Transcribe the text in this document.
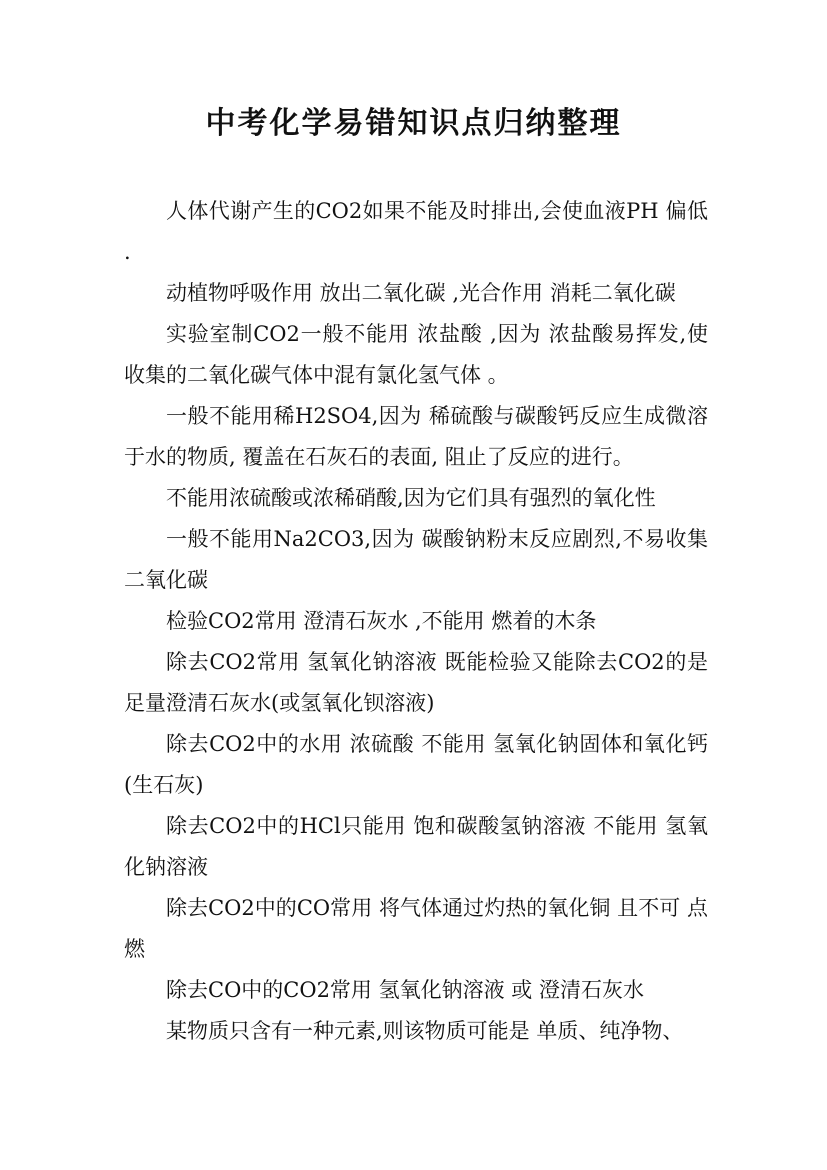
中考化学易错知识点归纳整理

人体代谢产生的CO2如果不能及时排出,会使血液PH 偏低 .

动植物呼吸作用 放出二氧化碳 ,光合作用 消耗二氧化碳

实验室制CO2一般不能用 浓盐酸 ,因为 浓盐酸易挥发,使收集的二氧化碳气体中混有氯化氢气体 。

一般不能用稀H2SO4,因为 稀硫酸与碳酸钙反应生成微溶于水的物质, 覆盖在石灰石的表面, 阻止了反应的进行。

不能用浓硫酸或浓稀硝酸,因为它们具有强烈的氧化性

一般不能用Na2CO3,因为 碳酸钠粉末反应剧烈,不易收集二氧化碳

检验CO2常用 澄清石灰水 ,不能用 燃着的木条

除去CO2常用 氢氧化钠溶液 既能检验又能除去CO2的是 足量澄清石灰水(或氢氧化钡溶液)

除去CO2中的水用 浓硫酸 不能用 氢氧化钠固体和氧化钙(生石灰)

除去CO2中的HCl只能用 饱和碳酸氢钠溶液 不能用 氢氧化钠溶液

除去CO2中的CO常用 将气体通过灼热的氧化铜 且不可 点燃

除去CO中的CO2常用 氢氧化钠溶液 或 澄清石灰水

某物质只含有一种元素,则该物质可能是 单质、纯净物、
